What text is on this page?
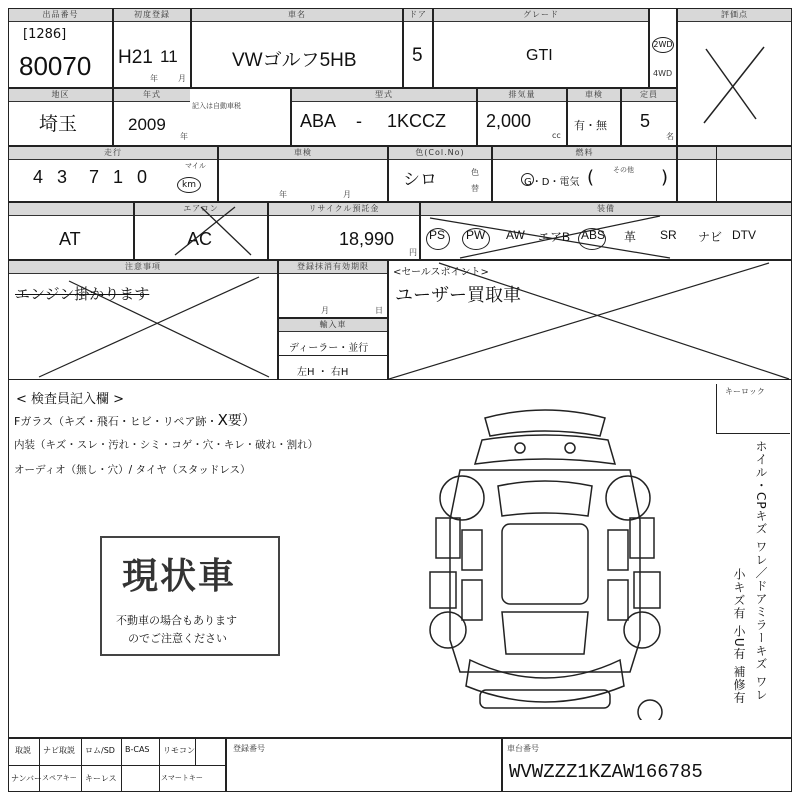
出品番号
[1286]
80070
初度登録
H21 11
年	月
車名
VWゴルフ5HB
ドア
5
グレード
GTI
2WD
4WD
評価点
地区
埼玉
年式
記入は自動車税
2009
年
型式
ABA - 1KCCZ
排気量
2,000
cc
車検
有・無
定員
5
名
走行
4 3 7 1 0
マイル
km
車検
年	月
色(Col.No)
シロ	色
替
燃料
G・D・電気 (	その他 )
AT
エアコン
AC
リサイクル預託金
18,990
円
装備
PS PW AW エアB ABS 革 SR ナビ DTV
注意事項
エンジン掛かります
登録抹消有効期限
月	日
輸入車
ディーラー・並行
左H ・ 右H
<セールスポイント>
ユーザー買取車
< 検査員記入欄 >
Fガラス（キズ・飛石・ヒビ・リペア跡・X要）
内装（キズ・スレ・汚れ・シミ・コゲ・穴・キレ・破れ・割れ）
オーディオ（無し・穴）/ タイヤ（スタッドレス）
キーロック
現状車
不動車の場合もあります
のでご注意ください	ホイル・CPキズ ワレ／ドアミラーキズ ワレ
小キズ有 小U有 補修有
取説 ナビ取説 ロム/SD B-CAS リモコン
ナンバー スペアキー キーレス	スマートキー
登録番号	車台番号
WVWZZZ1KZAW166785
